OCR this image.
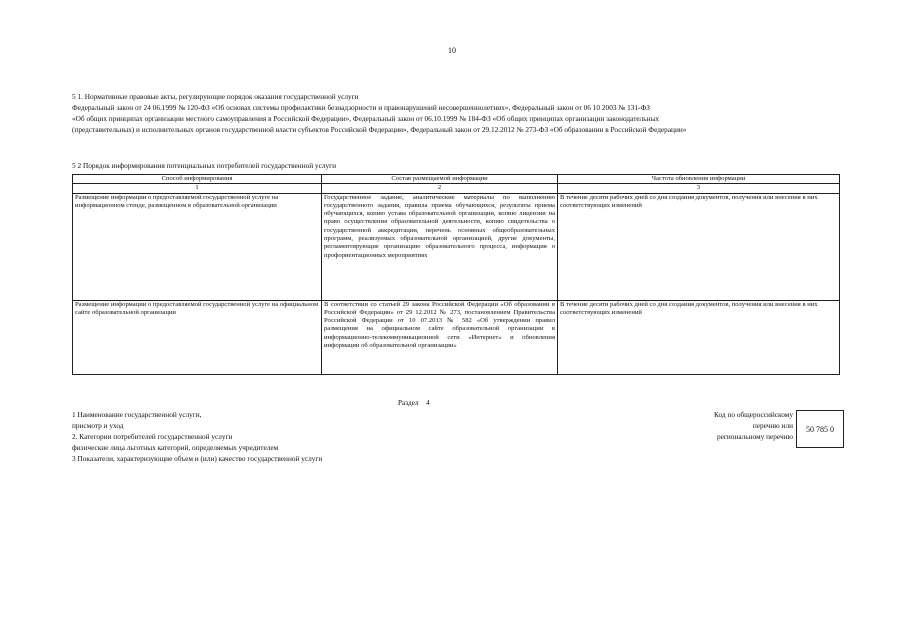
10
5 1. Нормативные правовые акты, регулирующие порядок оказания государственной услуги
Федеральный закон от 24 06.1999 № 120-ФЗ «Об основах системы профилактики безнадзорности и правонарушений несовершеннолетних», Федеральный закон от 06 10 2003 № 131-ФЗ
«Об общих принципах организации местного самоуправления в Российской Федерации», Федеральный закон от 06.10.1999 № 184-ФЗ «Об общих принципах организации законодательных
(представительных) и исполнительных органов государственной власти субъектов Российской Федерации», Федеральный закон от 29.12.2012 № 273-ФЗ «Об образовании в Российской Федерации»
5 2 Порядок информирования потенциальных потребителей государственной услуги
Способ информирования	Состав размещаемой информации	Частота обновления информации
1	2	3
Размещение информации о предоставляемой государственной услуге на информационном стенде, размещенном в образовательной организации	Государственное задание, аналитические материалы по выполнению государственного задания, правила приема обучающихся, результаты приема обучающихся, копию устава образовательной организации, копию лицензии на право осуществления образовательной деятельности, копию свидетельства о государственной аккредитации, перечень основных общеобразовательных программ, реализуемых образовательной организацией, другие документы, регламентирующие организацию образовательного процесса, информация о профориентационных мероприятиях	В течение десяти рабочих дней со дня создания документов, получения или внесения в них соответствующих изменений
Размещение информации о предоставляемой государственной услуге на официальном сайте образовательной организации	В соответствии со статьей 29 закона Российской Федерации «Об образовании в Российской Федерации» от 29 12.2012 № 273, постановлением Правительства Российской Федерации от 10 07.2013 № 582 «Об утверждении правил размещения на официальном сайте образовательной организации в информационно-телекоммуникационной сети «Интернет» и обновления информации об образовательной организации»	В течение десяти рабочих дней со дня создания документов, получения или внесения в них соответствующих изменений
Раздел 4
1 Наименование государственной услуги,
присмотр и уход
2. Категории потребителей государственной услуги
физические лица льготных категорий, определяемых учредителем
3 Показатели, характеризующие объем и (или) качество государственной услуги
Код по общероссийскому
перечню или
региональному перечню
50 785 0
